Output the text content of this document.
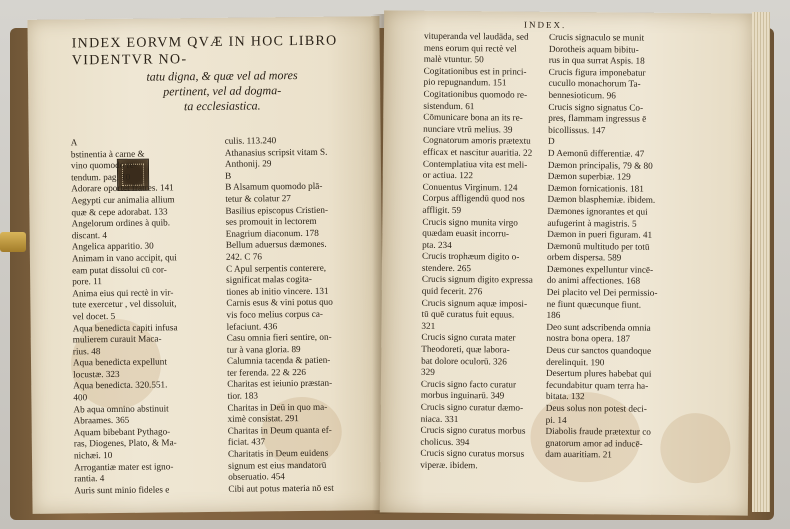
INDEX EORVM QVÆ IN HOC LIBRO VIDENTVR NO-
tatu digna, & quæ vel ad mores
pertinent, vel ad dogma-
ta ecclesiastica.
A
bstinentia à carne &
vino quomodo re-
tendum. pag. 10
Adorare oportet fratres. 141
Aegypti cur animalia allium
quæ & cepe adorabat. 133
Angelorum ordines à quib.
discant. 4
Angelica apparitio. 30
Animam in vano accipit, qui
eam putat dissolui cū cor-
pore. 11
Anima eius qui rectè in vir-
tute exercetur , vel dissoluit,
vel docet. 5
Aqua benedicta capiti infusa
mulierem curauit Maca-
rius. 48
Aqua benedicta expellunt
locustæ. 323
Aqua benedicta. 320.551.
400
Ab aqua omnino abstinuit
Abraames. 365
Aquam bibebant Pythago-
ras, Diogenes, Plato, & Ma-
nichæi. 10
Arrogantiæ mater est igno-
rantia. 4
Auris sunt minio fideles e
culis. 113.240
Athanasius scripsit vitam S.
Anthonij. 29
B
B Alsamum quomodo plā-
tetur & colatur 27
Basilius episcopus Cristien-
ses promouit in lectorem
Enagrium diaconum. 178
Bellum aduersus dæmones.
242. C 76
C Apul serpentis conterere,
significat malas cogita-
tiones ab initio vincere. 131
Carnis esus & vini potus quo
vis foco melius corpus ca-
lefaciunt. 436
Casu omnia fieri sentire, on-
tur à vana gloria. 89
Calumnia tacenda & patien-
ter ferenda. 22 & 226
Charitas est ieiunio præstan-
tior. 183
Charitas in Deū in quo ma-
ximè consistat. 291
Charitas in Deum quanta ef-
ficiat. 437
Charitatis in Deum euidens
signum est eius mandatorū
obseruatio. 454
Cibi aut potus materia nō est
INDEX.
vituperanda vel laudāda, sed
mens eorum qui rectè vel
malè vtuntur. 50
Cogitationibus est in princi-
pio repugnandum. 151
Cogitationibus quomodo re-
sistendum. 61
Cōmunicare bona an its re-
nunciare vtrū melius. 39
Cognatorum amoris prætextu
efficax et nascitur auaritia. 22
Contemplatiua vita est meli-
or actiua. 122
Conuentus Virginum. 124
Corpus affligendū quod nos
affligit. 59
Crucis signo munita virgo
quædam euasit incorru-
pta. 234
Crucis trophæum digito o-
stendere. 265
Crucis signum digito expressa
quid fecerit. 276
Crucis signum aquæ imposi-
tū quē curatus fuit equus.
321
Crucis signo curata mater
Theodoreti, quæ labora-
bat dolore oculorū. 326
329
Crucis signo facto curatur
morbus inguinarū. 349
Crucis signo curatur dæmo-
niaca. 331
Crucis signo curatus morbus
cholicus. 394
Crucis signo curatus morsus
viperæ. ibidem.
Crucis signaculo se munit
Dorotheis aquam bibitu-
rus in qua surrat Aspis. 18
Crucis figura imponebatur
cucullo monachorum Ta-
bennesioticum. 96
Crucis signo signatus Co-
pres, flammam ingressus ē
bicollissus. 147
D
D Aemonū differentiæ. 47
Dæmon principalis, 79 & 80
Dæmon superbiæ. 129
Dæmon fornicationis. 181
Dæmon blasphemiæ. ibidem.
Dæmones ignorantes et qui
aufugerint à magistris. 5
Dæmon in pueri figuram. 41
Dæmonū multitudo per totū
orbem dispersa. 589
Dæmones expelluntur vincē-
do animi affectiones. 168
Dei placito vel Dei permissio-
ne fiunt quæcunque fiunt.
186
Deo sunt adscribenda omnia
nostra bona opera. 187
Deus cur sanctos quandoque
derelinquit. 190
Desertum plures habebat qui
fecundabitur quam terra ha-
bitata. 132
Deus solus non potest deci-
pi. 14
Diabolis fraude prætextur co
gnatorum amor ad inducē-
dam auaritiam. 21
